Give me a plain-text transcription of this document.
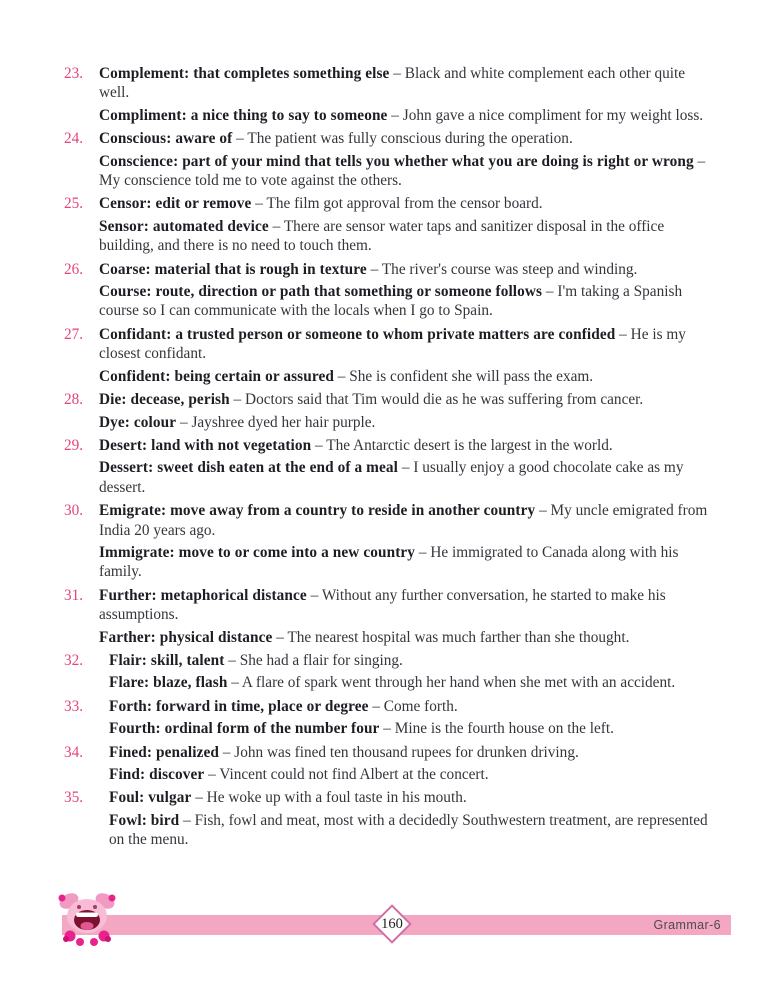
23.	Complement: that completes something else – Black and white complement each other quite well.

Compliment: a nice thing to say to someone – John gave a nice compliment for my weight loss.

24.	Conscious: aware of – The patient was fully conscious during the operation.

Conscience: part of your mind that tells you whether what you are doing is right or wrong – My conscience told me to vote against the others.

25.	Censor: edit or remove – The film got approval from the censor board.

Sensor: automated device – There are sensor water taps and sanitizer disposal in the office building, and there is no need to touch them.

26.	Coarse: material that is rough in texture – The river's course was steep and winding.

Course: route, direction or path that something or someone follows – I'm taking a Spanish course so I can communicate with the locals when I go to Spain.

27.	Confidant: a trusted person or someone to whom private matters are confided – He is my closest confidant.

Confident: being certain or assured – She is confident she will pass the exam.

28.	Die: decease, perish – Doctors said that Tim would die as he was suffering from cancer.

Dye: colour – Jayshree dyed her hair purple.

29.	Desert: land with not vegetation – The Antarctic desert is the largest in the world.

Dessert: sweet dish eaten at the end of a meal – I usually enjoy a good chocolate cake as my dessert.

30.	Emigrate: move away from a country to reside in another country – My uncle emigrated from India 20 years ago.

Immigrate: move to or come into a new country – He immigrated to Canada along with his family.

31.	Further: metaphorical distance – Without any further conversation, he started to make his assumptions.

Farther: physical distance – The nearest hospital was much farther than she thought.

32.	Flair: skill, talent – She had a flair for singing.

Flare: blaze, flash – A flare of spark went through her hand when she met with an accident.

33.	Forth: forward in time, place or degree – Come forth.

Fourth: ordinal form of the number four – Mine is the fourth house on the left.

34.	Fined: penalized – John was fined ten thousand rupees for drunken driving.

Find: discover – Vincent could not find Albert at the concert.

35.	Foul: vulgar – He woke up with a foul taste in his mouth.

Fowl: bird – Fish, fowl and meat, most with a decidedly Southwestern treatment, are represented on the menu.

Grammar-6
160
